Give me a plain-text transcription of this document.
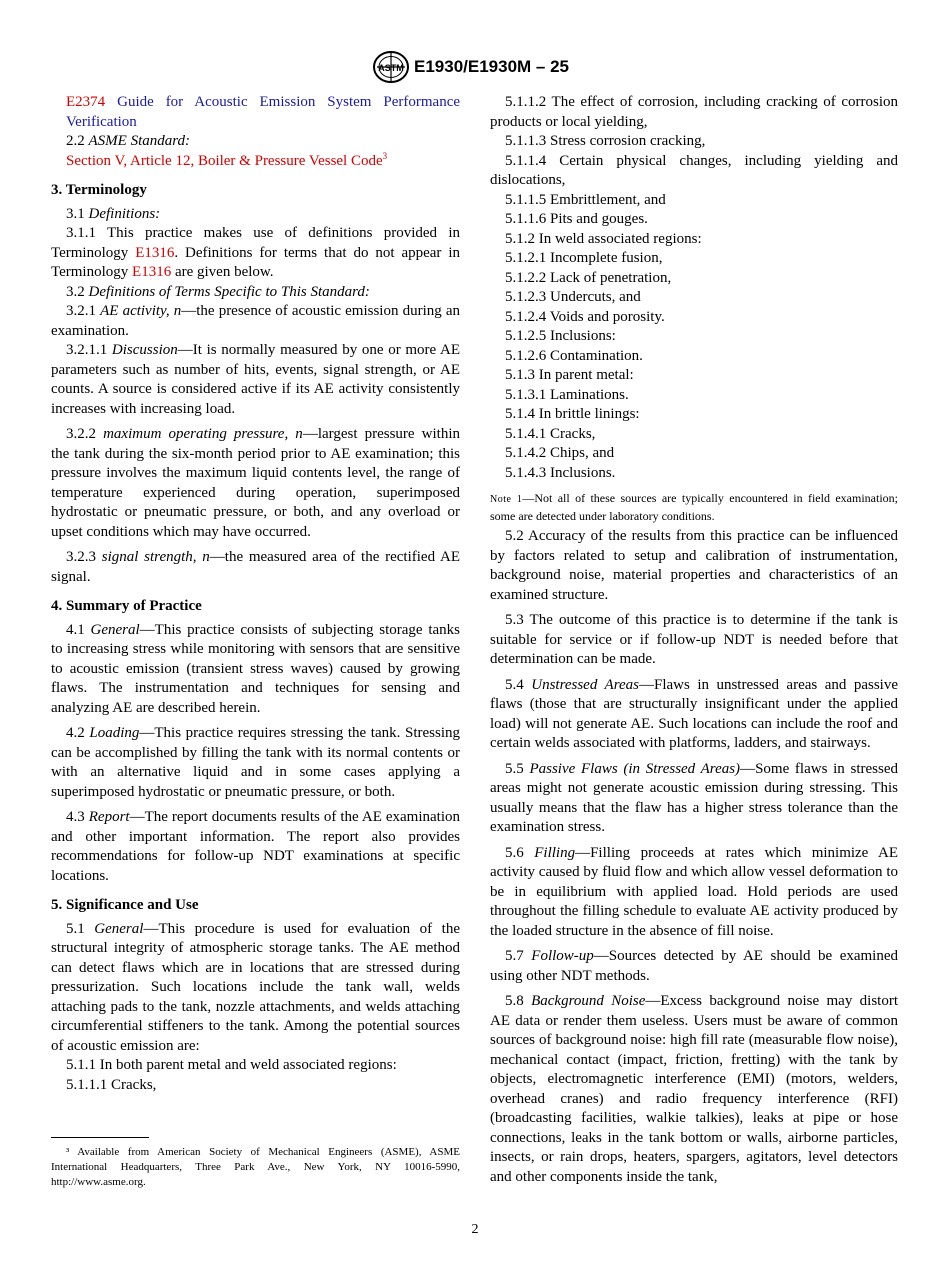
ASTM E1930/E1930M – 25

E2374 Guide for Acoustic Emission System Performance Verification

2.2 ASME Standard:

Section V, Article 12, Boiler & Pressure Vessel Code$^3$

3. Terminology

3.1 Definitions:

3.1.1 This practice makes use of definitions provided in Terminology E1316. Definitions for terms that do not appear in Terminology E1316 are given below.

3.2 Definitions of Terms Specific to This Standard:

3.2.1 AE activity, n—the presence of acoustic emission during an examination.

3.2.1.1 Discussion—It is normally measured by one or more AE parameters such as number of hits, events, signal strength, or AE counts. A source is considered active if its AE activity consistently increases with increasing load.

3.2.2 maximum operating pressure, n—largest pressure within the tank during the six-month period prior to AE examination; this pressure involves the maximum liquid contents level, the range of temperature experienced during operation, superimposed hydrostatic or pneumatic pressure, or both, and any overload or upset conditions which may have occurred.

3.2.3 signal strength, n—the measured area of the rectified AE signal.

4. Summary of Practice

4.1 General—This practice consists of subjecting storage tanks to increasing stress while monitoring with sensors that are sensitive to acoustic emission (transient stress waves) caused by growing flaws. The instrumentation and techniques for sensing and analyzing AE are described herein.

4.2 Loading—This practice requires stressing the tank. Stressing can be accomplished by filling the tank with its normal contents or with an alternative liquid and in some cases applying a superimposed hydrostatic or pneumatic pressure, or both.

4.3 Report—The report documents results of the AE examination and other important information. The report also provides recommendations for follow-up NDT examinations at specific locations.

5. Significance and Use

5.1 General—This procedure is used for evaluation of the structural integrity of atmospheric storage tanks. The AE method can detect flaws which are in locations that are stressed during pressurization. Such locations include the tank wall, welds attaching pads to the tank, nozzle attachments, and welds attaching circumferential stiffeners to the tank. Among the potential sources of acoustic emission are:

5.1.1 In both parent metal and weld associated regions:

5.1.1.1 Cracks,

³ Available from American Society of Mechanical Engineers (ASME), ASME International Headquarters, Three Park Ave., New York, NY 10016-5990, http://www.asme.org.

5.1.1.2 The effect of corrosion, including cracking of corrosion products or local yielding,

5.1.1.3 Stress corrosion cracking,

5.1.1.4 Certain physical changes, including yielding and dislocations,

5.1.1.5 Embrittlement, and

5.1.1.6 Pits and gouges.

5.1.2 In weld associated regions:

5.1.2.1 Incomplete fusion,

5.1.2.2 Lack of penetration,

5.1.2.3 Undercuts, and

5.1.2.4 Voids and porosity.

5.1.2.5 Inclusions:

5.1.2.6 Contamination.

5.1.3 In parent metal:

5.1.3.1 Laminations.

5.1.4 In brittle linings:

5.1.4.1 Cracks,

5.1.4.2 Chips, and

5.1.4.3 Inclusions.

Note 1—Not all of these sources are typically encountered in field examination; some are detected under laboratory conditions.

5.2 Accuracy of the results from this practice can be influenced by factors related to setup and calibration of instrumentation, background noise, material properties and characteristics of an examined structure.

5.3 The outcome of this practice is to determine if the tank is suitable for service or if follow-up NDT is needed before that determination can be made.

5.4 Unstressed Areas—Flaws in unstressed areas and passive flaws (those that are structurally insignificant under the applied load) will not generate AE. Such locations can include the roof and certain welds associated with platforms, ladders, and stairways.

5.5 Passive Flaws (in Stressed Areas)—Some flaws in stressed areas might not generate acoustic emission during stressing. This usually means that the flaw has a higher stress tolerance than the examination stress.

5.6 Filling—Filling proceeds at rates which minimize AE activity caused by fluid flow and which allow vessel deformation to be in equilibrium with applied load. Hold periods are used throughout the filling schedule to evaluate AE activity produced by the loaded structure in the absence of fill noise.

5.7 Follow-up—Sources detected by AE should be examined using other NDT methods.

5.8 Background Noise—Excess background noise may distort AE data or render them useless. Users must be aware of common sources of background noise: high fill rate (measurable flow noise), mechanical contact (impact, friction, fretting) with the tank by objects, electromagnetic interference (EMI) (motors, welders, overhead cranes) and radio frequency interference (RFI) (broadcasting facilities, walkie talkies), leaks at pipe or hose connections, leaks in the tank bottom or walls, airborne particles, insects, or rain drops, heaters, spargers, agitators, level detectors and other components inside the tank,

2
